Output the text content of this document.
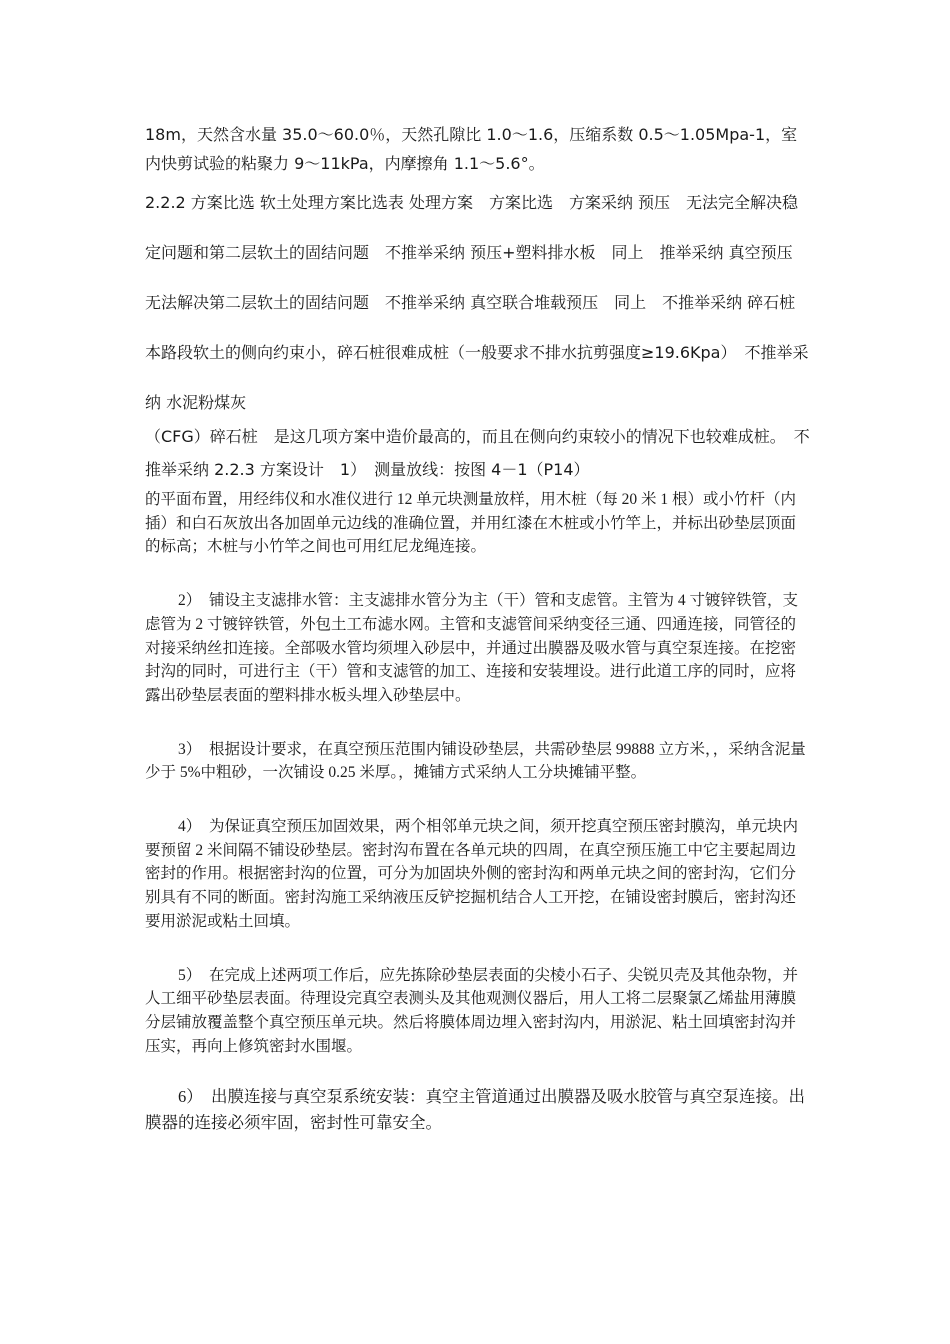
18m，天然含水量 35.0～60.0％，天然孔隙比 1.0～1.6，压缩系数 0.5～1.05Mpa-1，室内快剪试验的粘聚力 9～11kPa，内摩擦角 1.1～5.6°。

2.2.2 方案比选 软土处理方案比选表 处理方案　方案比选　方案采纳 预压　无法完全解决稳定问题和第二层软土的固结问题　不推举采纳 预压+塑料排水板　同上　推举采纳 真空预压　无法解决第二层软土的固结问题　不推举采纳 真空联合堆载预压　同上　不推举采纳 碎石桩　本路段软土的侧向约束小，碎石桩很难成桩（一般要求不排水抗剪强度≥19.6Kpa）　不推举采纳 水泥粉煤灰
（CFG）碎石桩　是这几项方案中造价最高的，而且在侧向约束较小的情况下也较难成桩。　不推举采纳 2.2.3 方案设计　1）　测量放线：按图 4－1（P14）

的平面布置，用经纬仪和水准仪进行 12 单元块测量放样，用木桩（每 20 米 1 根）或小竹杆（内插）和白石灰放出各加固单元边线的准确位置，并用红漆在木桩或小竹竿上，并标出砂垫层顶面的标高；木桩与小竹竿之间也可用红尼龙绳连接。

2）　铺设主支滤排水管：主支滤排水管分为主（干）管和支虑管。主管为 4 寸镀锌铁管，支虑管为 2 寸镀锌铁管，外包土工布滤水网。主管和支滤管间采纳变径三通、四通连接，同管径的对接采纳丝扣连接。全部吸水管均须埋入砂层中，并通过出膜器及吸水管与真空泵连接。在挖密封沟的同时，可进行主（干）管和支滤管的加工、连接和安装埋设。进行此道工序的同时，应将露出砂垫层表面的塑料排水板头埋入砂垫层中。

3）　根据设计要求，在真空预压范围内铺设砂垫层，共需砂垫层 99888 立方米，，采纳含泥量少于 5%中粗砂，一次铺设 0.25 米厚。，摊铺方式采纳人工分块摊铺平整。

4）　为保证真空预压加固效果，两个相邻单元块之间，须开挖真空预压密封膜沟，单元块内要预留 2 米间隔不铺设砂垫层。密封沟布置在各单元块的四周，在真空预压施工中它主要起周边密封的作用。根据密封沟的位置，可分为加固块外侧的密封沟和两单元块之间的密封沟，它们分别具有不同的断面。密封沟施工采纳液压反铲挖掘机结合人工开挖，在铺设密封膜后，密封沟还要用淤泥或粘土回填。

5）　在完成上述两项工作后，应先拣除砂垫层表面的尖棱小石子、尖锐贝壳及其他杂物，并人工细平砂垫层表面。待理设完真空表测头及其他观测仪器后，用人工将二层聚氯乙烯盐用薄膜分层铺放覆盖整个真空预压单元块。然后将膜体周边埋入密封沟内，用淤泥、粘土回填密封沟并压实，再向上修筑密封水围堰。

6）　出膜连接与真空泵系统安装：真空主管道通过出膜器及吸水胶管与真空泵连接。出膜器的连接必须牢固，密封性可靠安全。
